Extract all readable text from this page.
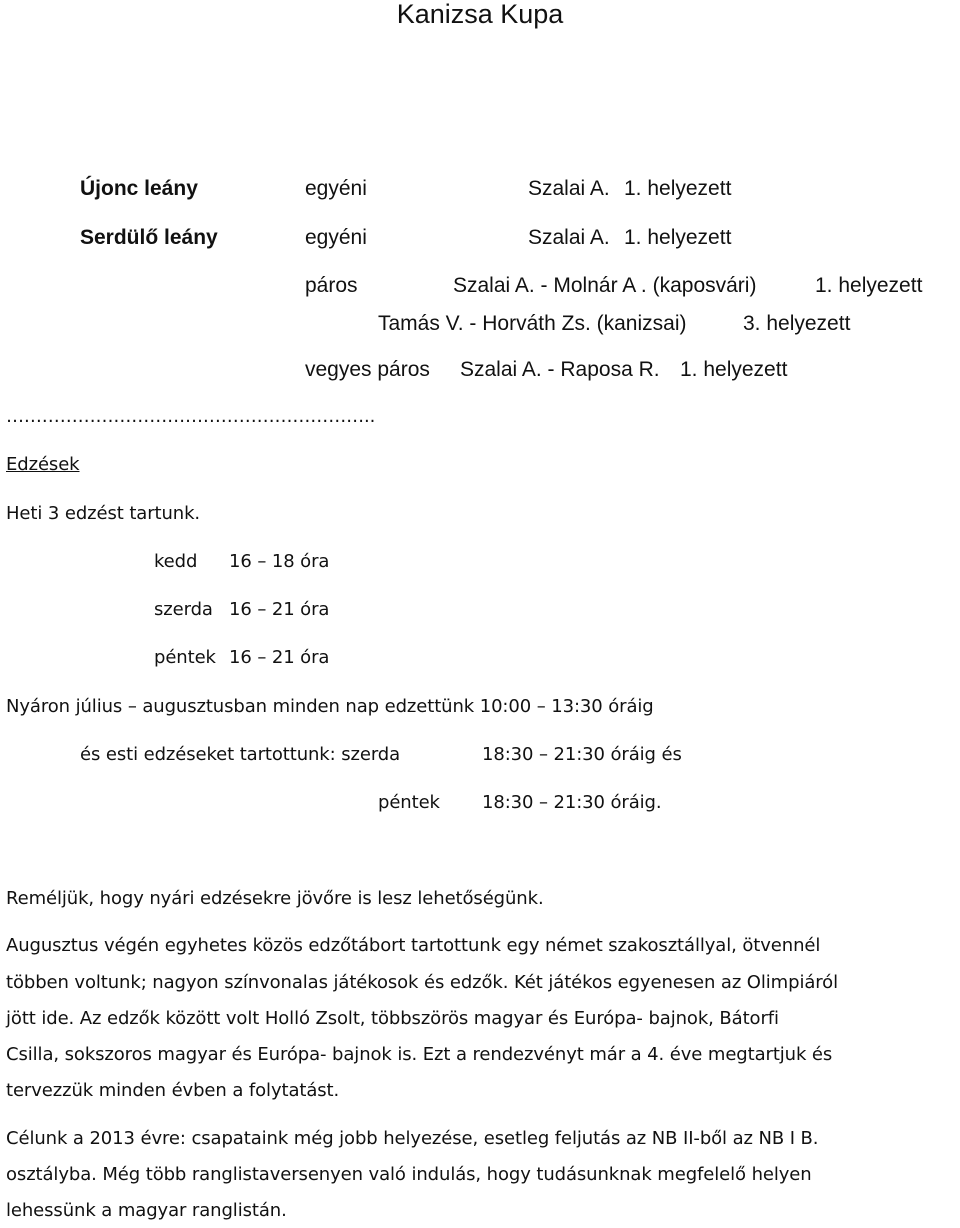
Kanizsa Kupa
Újonc leány	egyéni	Szalai A. 1. helyezett
Serdülő leány	egyéni	Szalai A. 1. helyezett
páros	Szalai A. - Molnár A . (kaposvári)	1. helyezett
Tamás V. - Horváth Zs. (kanizsai)	3. helyezett
vegyes páros Szalai A. - Raposa R. 1. helyezett
……………………………………………………..
Edzések
Heti 3 edzést tartunk.
kedd 16 – 18 óra
szerda 16 – 21 óra
péntek 16 – 21 óra
Nyáron július – augusztusban minden nap edzettünk 10:00 – 13:30 óráig
és esti edzéseket tartottunk: szerda	18:30 – 21:30 óráig és
péntek 18:30 – 21:30 óráig.
Reméljük, hogy nyári edzésekre jövőre is lesz lehetőségünk.
Augusztus végén egyhetes közös edzőtábort tartottunk egy német szakosztállyal, ötvennél
többen voltunk; nagyon színvonalas játékosok és edzők. Két játékos egyenesen az Olimpiáról
jött ide. Az edzők között volt Holló Zsolt, többszörös magyar és Európa- bajnok, Bátorfi
Csilla, sokszoros magyar és Európa- bajnok is. Ezt a rendezvényt már a 4. éve megtartjuk és
tervezzük minden évben a folytatást.
Célunk a 2013 évre: csapataink még jobb helyezése, esetleg feljutás az NB II-ből az NB I B.
osztályba. Még több ranglistaversenyen való indulás, hogy tudásunknak megfelelő helyen
lehessünk a magyar ranglistán.
